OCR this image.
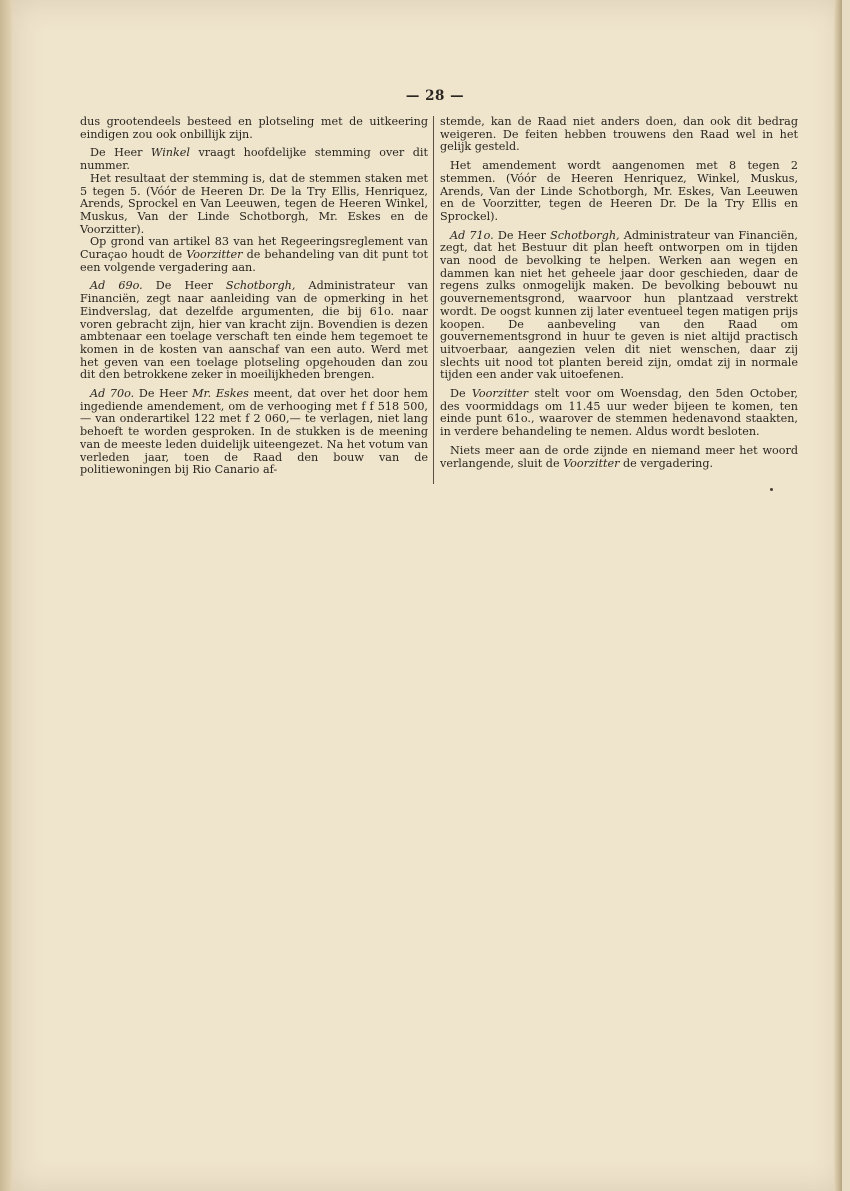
— 28 —

dus grootendeels besteed en plotseling met de uitkeering eindigen zou ook onbillijk zijn.

De Heer Winkel vraagt hoofdelijke stemming over dit nummer.

Het resultaat der stemming is, dat de stemmen staken met 5 tegen 5. (Vóór de Heeren Dr. De la Try Ellis, Henriquez, Arends, Sprockel en Van Leeuwen, tegen de Heeren Winkel, Muskus, Van der Linde Schotborgh, Mr. Eskes en de Voorzitter).

Op grond van artikel 83 van het Regeeringsreglement van Curaçao houdt de Voorzitter de behandeling van dit punt tot een volgende vergadering aan.

Ad 69o. De Heer Schotborgh, Administrateur van Financiën, zegt naar aanleiding van de opmerking in het Eindverslag, dat dezelfde argumenten, die bij 61o. naar voren gebracht zijn, hier van kracht zijn. Bovendien is dezen ambtenaar een toelage verschaft ten einde hem tegemoet te komen in de kosten van aanschaf van een auto. Werd met het geven van een toelage plotseling opgehouden dan zou dit den betrokkene zeker in moeilijkheden brengen.

Ad 70o. De Heer Mr. Eskes meent, dat over het door hem ingediende amendement, om de verhooging met f f 518 500,— van onderartikel 122 met f 2 060,— te verlagen, niet lang behoeft te worden gesproken. In de stukken is de meening van de meeste leden duidelijk uiteengezet. Na het votum van verleden jaar, toen de Raad den bouw van de politiewoningen bij Rio Canario af-

stemde, kan de Raad niet anders doen, dan ook dit bedrag weigeren. De feiten hebben trouwens den Raad wel in het gelijk gesteld.

Het amendement wordt aangenomen met 8 tegen 2 stemmen. (Vóór de Heeren Henriquez, Winkel, Muskus, Arends, Van der Linde Schotborgh, Mr. Eskes, Van Leeuwen en de Voorzitter, tegen de Heeren Dr. De la Try Ellis en Sprockel).

Ad 71o. De Heer Schotborgh, Administrateur van Financiën, zegt, dat het Bestuur dit plan heeft ontworpen om in tijden van nood de bevolking te helpen. Werken aan wegen en dammen kan niet het geheele jaar door geschieden, daar de regens zulks onmogelijk maken. De bevolking bebouwt nu gouvernementsgrond, waarvoor hun plantzaad verstrekt wordt. De oogst kunnen zij later eventueel tegen matigen prijs koopen. De aanbeveling van den Raad om gouvernementsgrond in huur te geven is niet altijd practisch uitvoerbaar, aangezien velen dit niet wenschen, daar zij slechts uit nood tot planten bereid zijn, omdat zij in normale tijden een ander vak uitoefenen.

De Voorzitter stelt voor om Woensdag, den 5den October, des voormiddags om 11.45 uur weder bijeen te komen, ten einde punt 61o., waarover de stemmen hedenavond staakten, in verdere behandeling te nemen. Aldus wordt besloten.

Niets meer aan de orde zijnde en niemand meer het woord verlangende, sluit de Voorzitter de vergadering.
